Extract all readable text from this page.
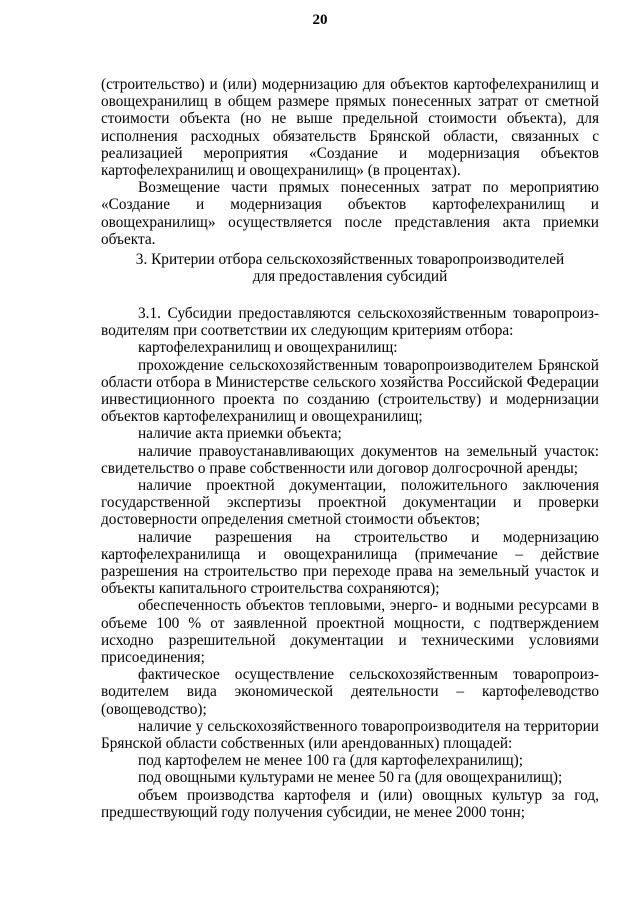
20

(строительство) и (или) модернизацию для объектов картофелехранилищ и овощехранилищ в общем размере прямых понесенных затрат от сметной стоимости объекта (но не выше предельной стоимости объекта), для исполнения расходных обязательств Брянской области, связанных с реализацией мероприятия «Создание и модернизация объектов картофелехранилищ и овощехранилищ» (в процентах).

Возмещение части прямых понесенных затрат по мероприятию «Создание и модернизация объектов картофелехранилищ и овощехранилищ» осуществляется после представления акта приемки объекта.

3. Критерии отбора сельскохозяйственных товаропроизводителей

для предоставления субсидий

3.1. Субсидии предоставляются сельскохозяйственным товаропроиз-водителям при соответствии их следующим критериям отбора:

картофелехранилищ и овощехранилищ:

прохождение сельскохозяйственным товаропроизводителем Брянской области отбора в Министерстве сельского хозяйства Российской Федерации инвестиционного проекта по созданию (строительству) и модернизации объектов картофелехранилищ и овощехранилищ;

наличие акта приемки объекта;

наличие правоустанавливающих документов на земельный участок: свидетельство о праве собственности или договор долгосрочной аренды;

наличие проектной документации, положительного заключения государственной экспертизы проектной документации и проверки достоверности определения сметной стоимости объектов;

наличие разрешения на строительство и модернизацию картофелехранилища и овощехранилища (примечание – действие разрешения на строительство при переходе права на земельный участок и объекты капитального строительства сохраняются);

обеспеченность объектов тепловыми, энерго- и водными ресурсами в объеме 100 % от заявленной проектной мощности, с подтверждением исходно разрешительной документации и техническими условиями присоединения;

фактическое осуществление сельскохозяйственным товаропроиз-водителем вида экономической деятельности – картофелеводство (овощеводство);

наличие у сельскохозяйственного товаропроизводителя на территории Брянской области собственных (или арендованных) площадей:

под картофелем не менее 100 га (для картофелехранилищ);

под овощными культурами не менее 50 га (для овощехранилищ);

объем производства картофеля и (или) овощных культур за год, предшествующий году получения субсидии, не менее 2000 тонн;
